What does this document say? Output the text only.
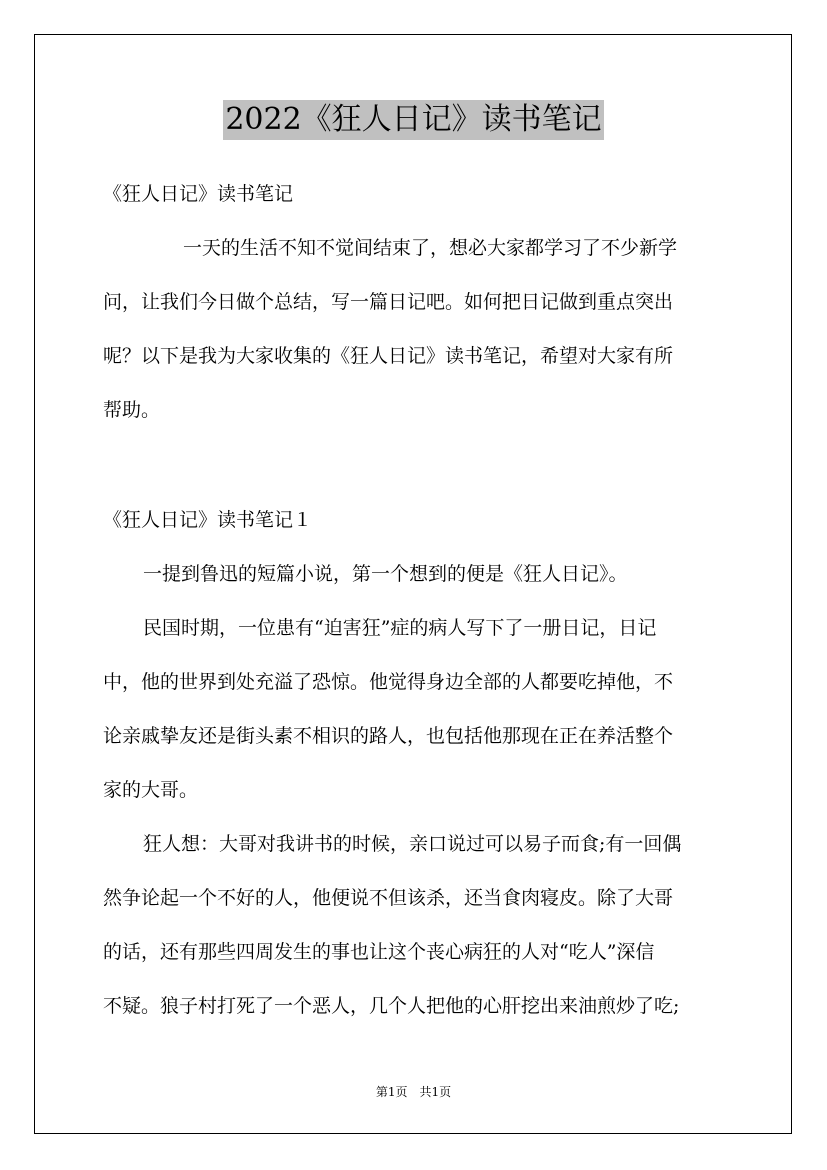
2022《狂人日记》读书笔记
《狂人日记》读书笔记
一天的生活不知不觉间结束了，想必大家都学习了不少新学
问，让我们今日做个总结，写一篇日记吧。如何把日记做到重点突出
呢？以下是我为大家收集的《狂人日记》读书笔记，希望对大家有所
帮助。
《狂人日记》读书笔记１
一提到鲁迅的短篇小说，第一个想到的便是《狂人日记》。
民国时期，一位患有“迫害狂”症的病人写下了一册日记，日记
中，他的世界到处充溢了恐惊。他觉得身边全部的人都要吃掉他，不
论亲戚挚友还是街头素不相识的路人，也包括他那现在正在养活整个
家的大哥。
狂人想：大哥对我讲书的时候，亲口说过可以易子而食;有一回偶
然争论起一个不好的人，他便说不但该杀，还当食肉寝皮。除了大哥
的话，还有那些四周发生的事也让这个丧心病狂的人对“吃人”深信
不疑。狼子村打死了一个恶人，几个人把他的心肝挖出来油煎炒了吃;
第1页　共1页
